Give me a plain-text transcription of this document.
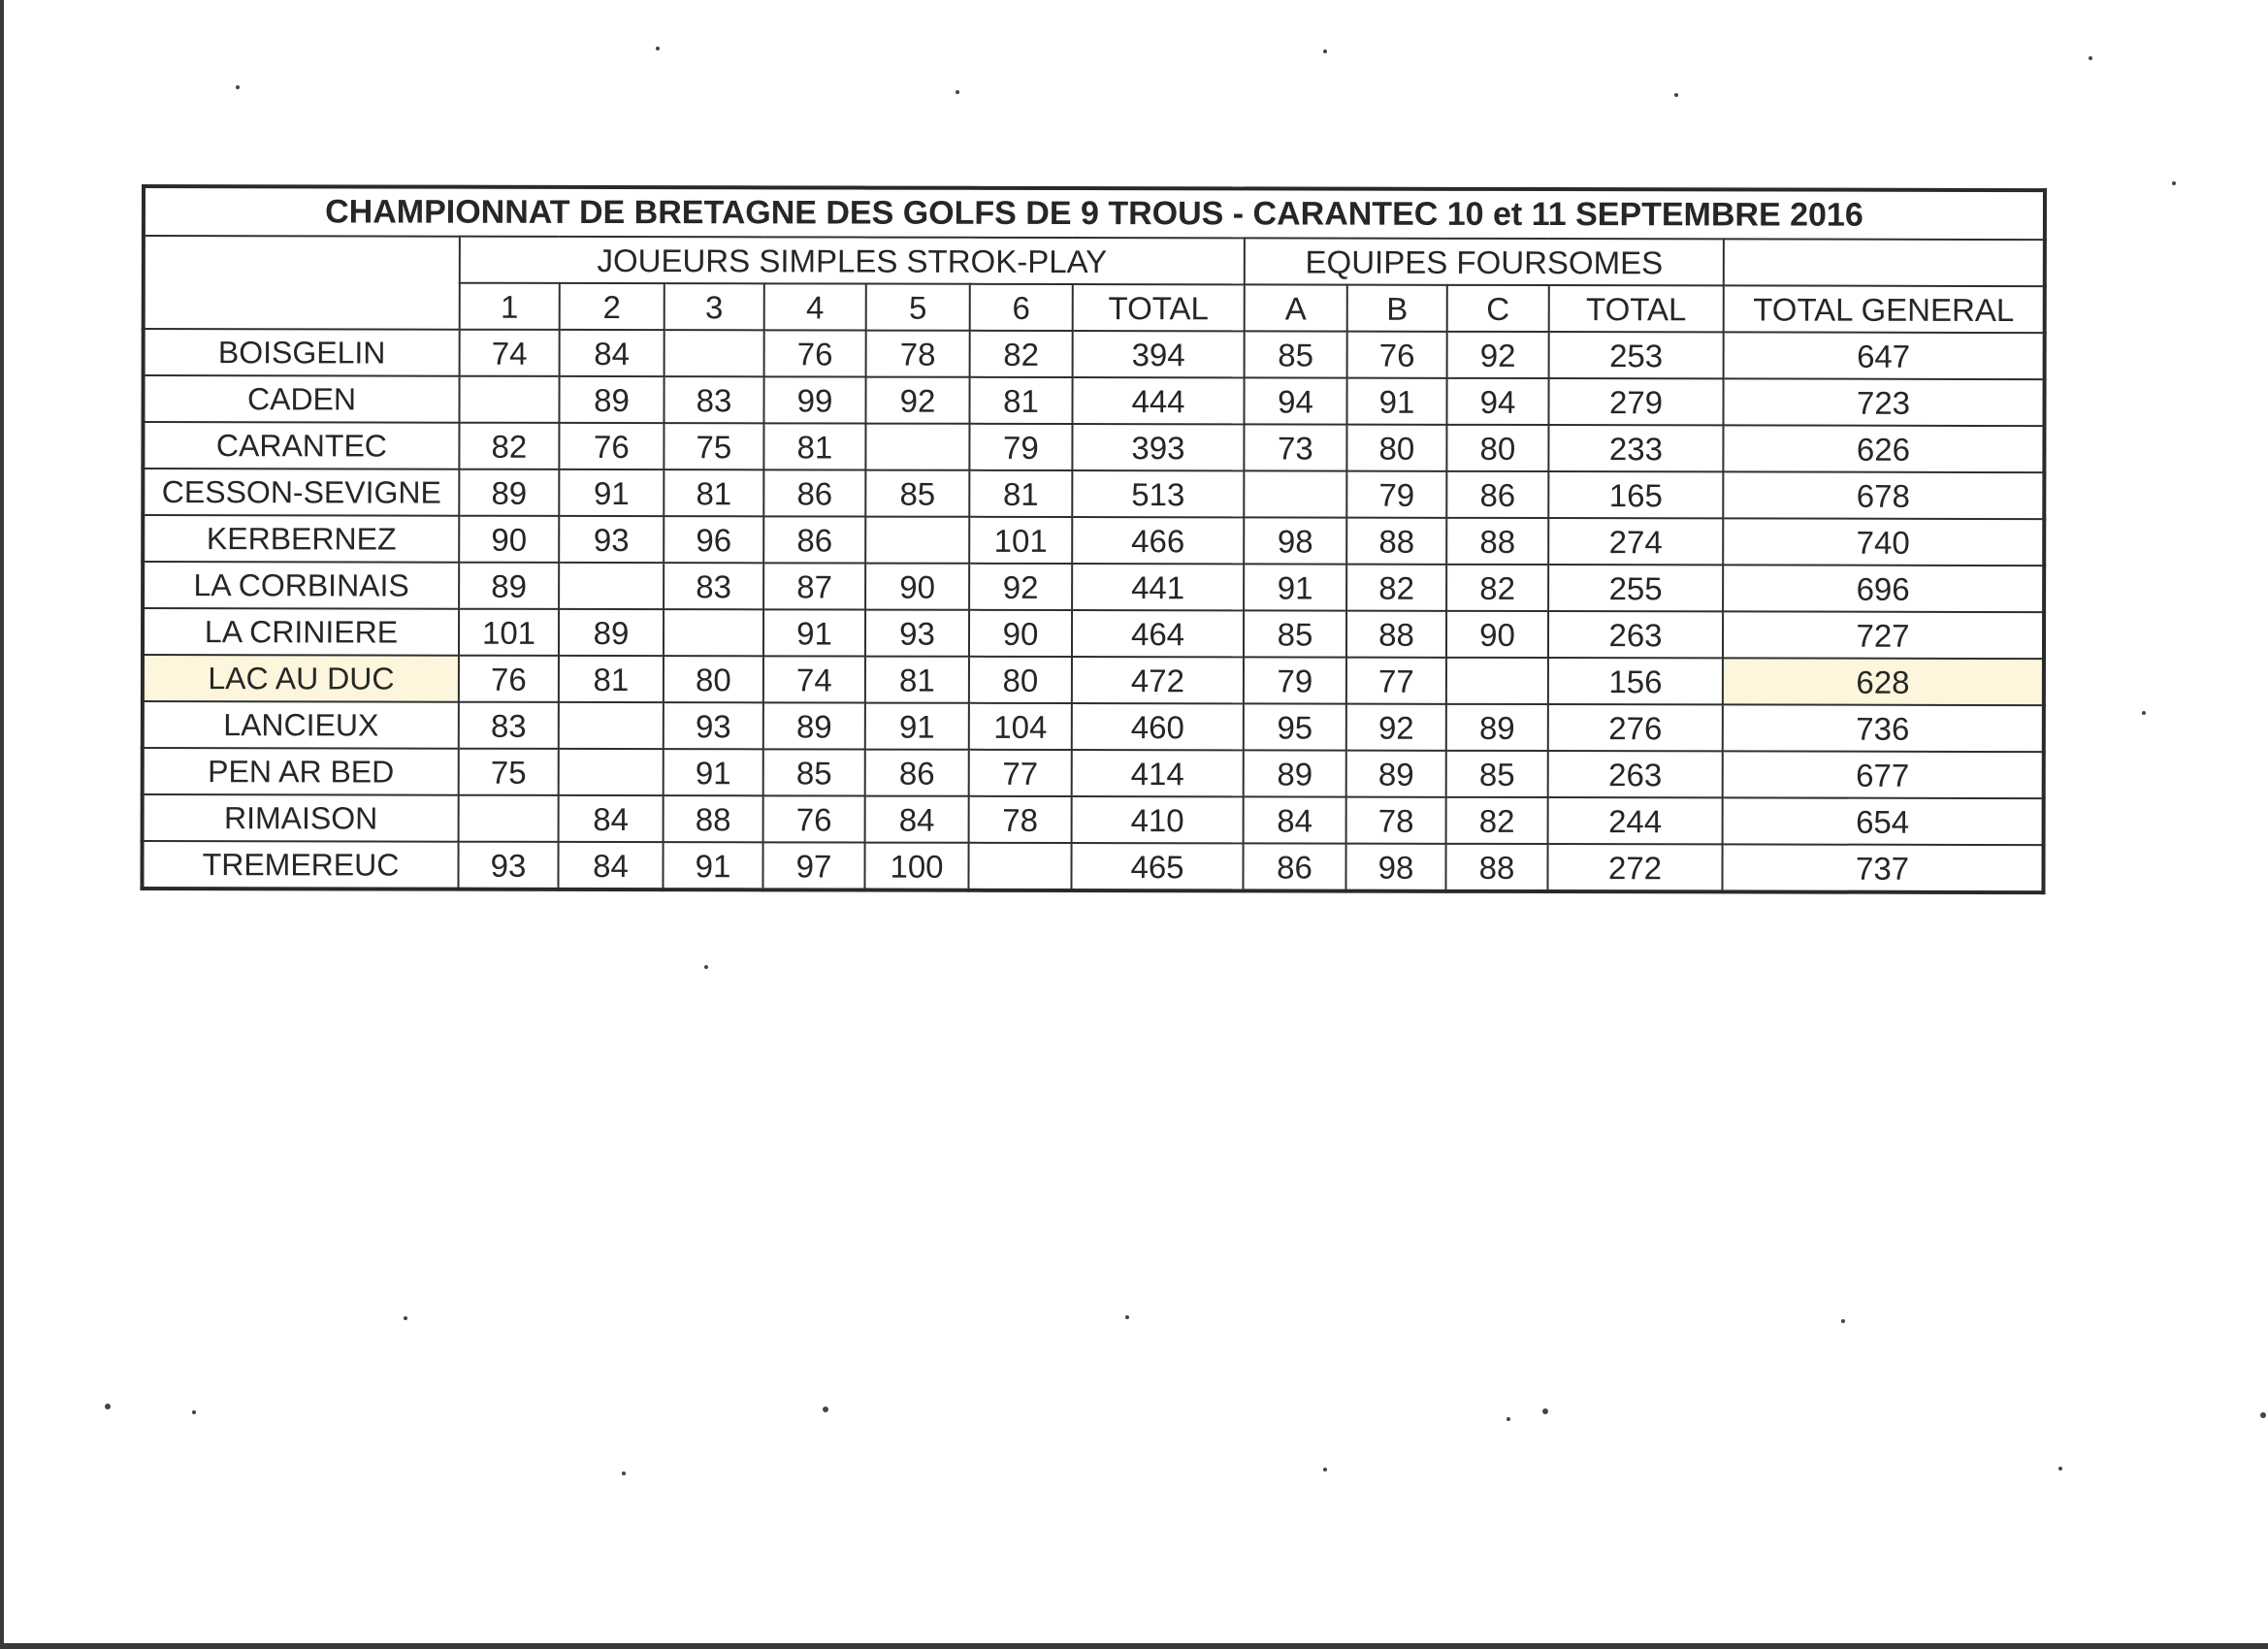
CHAMPIONNAT DE BRETAGNE DES GOLFS DE 9 TROUS - CARANTEC 10 et 11 SEPTEMBRE 2016												
	JOUEURS SIMPLES STROK-PLAY							EQUIPES FOURSOMES				
	1	2	3	4	5	6	TOTAL	A	B	C	TOTAL	TOTAL GENERAL
BOISGELIN	74	84		76	78	82	394	85	76	92	253	647
CADEN		89	83	99	92	81	444	94	91	94	279	723
CARANTEC	82	76	75	81		79	393	73	80	80	233	626
CESSON-SEVIGNE	89	91	81	86	85	81	513		79	86	165	678
KERBERNEZ	90	93	96	86		101	466	98	88	88	274	740
LA CORBINAIS	89		83	87	90	92	441	91	82	82	255	696
LA CRINIERE	101	89		91	93	90	464	85	88	90	263	727
LAC AU DUC	76	81	80	74	81	80	472	79	77		156	628
LANCIEUX	83		93	89	91	104	460	95	92	89	276	736
PEN AR BED	75		91	85	86	77	414	89	89	85	263	677
RIMAISON		84	88	76	84	78	410	84	78	82	244	654
TREMEREUC	93	84	91	97	100		465	86	98	88	272	737
